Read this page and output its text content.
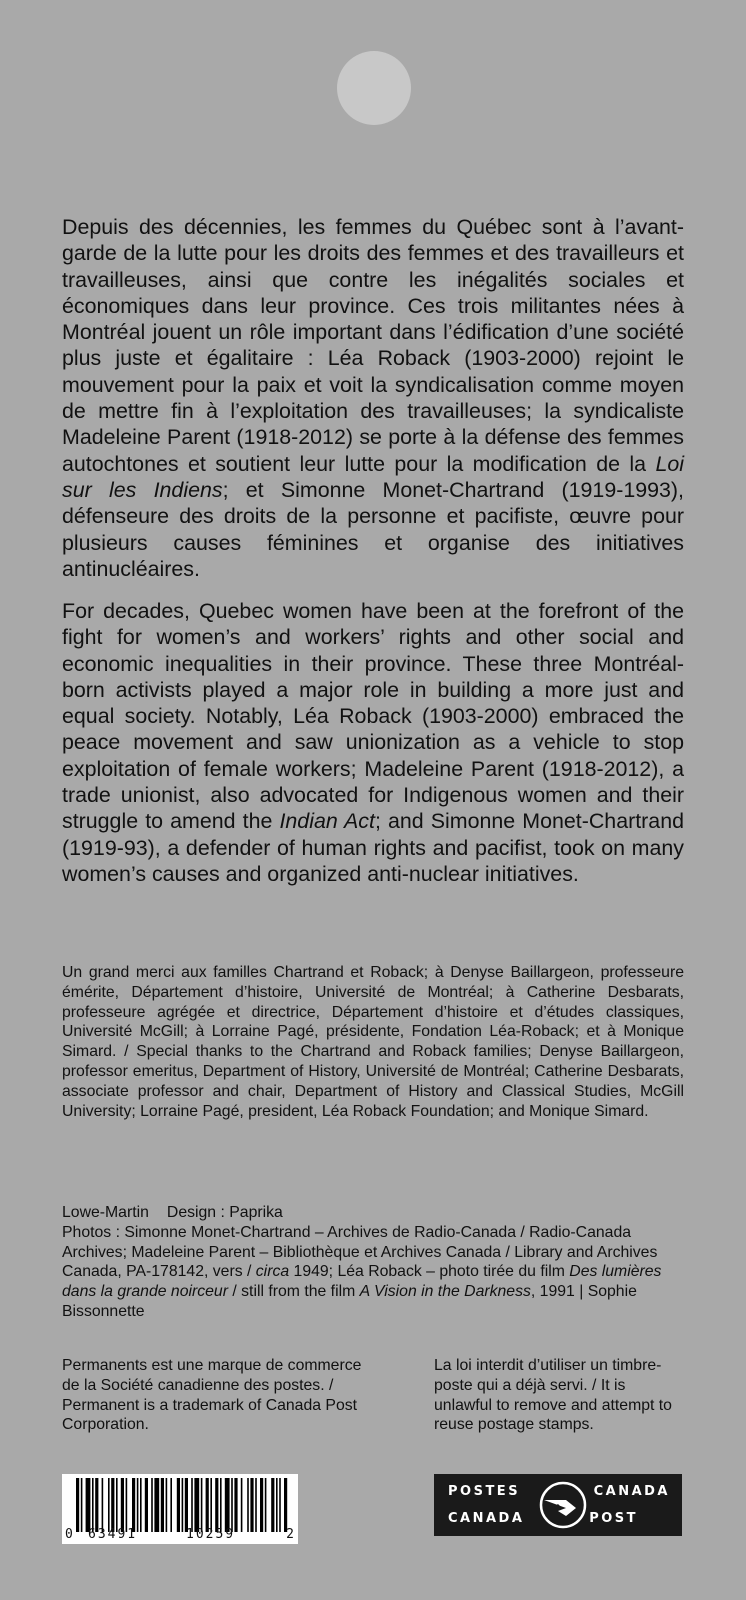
Depuis des décennies, les femmes du Québec sont à l’avant-garde de la lutte pour les droits des femmes et des travailleurs et travailleuses, ainsi que contre les inégalités sociales et économiques dans leur province. Ces trois militantes nées à Montréal jouent un rôle important dans l’édification d’une société plus juste et égalitaire : Léa Roback (1903-2000) rejoint le mouvement pour la paix et voit la syndicalisation comme moyen de mettre fin à l’exploitation des travailleuses; la syndicaliste Madeleine Parent (1918-2012) se porte à la défense des femmes autochtones et soutient leur lutte pour la modification de la Loi sur les Indiens; et Simonne Monet-Chartrand (1919-1993), défenseure des droits de la personne et pacifiste, œuvre pour plusieurs causes féminines et organise des initiatives antinucléaires.

For decades, Quebec women have been at the forefront of the fight for women’s and workers’ rights and other social and economic inequalities in their province. These three Montréal-born activists played a major role in building a more just and equal society. Notably, Léa Roback (1903-2000) embraced the peace movement and saw unionization as a vehicle to stop exploitation of female workers; Madeleine Parent (1918-2012), a trade unionist, also advocated for Indigenous women and their struggle to amend the Indian Act; and Simonne Monet-Chartrand (1919-93), a defender of human rights and pacifist, took on many women’s causes and organized anti-nuclear initiatives.

Un grand merci aux familles Chartrand et Roback; à Denyse Baillargeon, professeure émérite, Département d’histoire, Université de Montréal; à Catherine Desbarats, professeure agrégée et directrice, Département d’histoire et d’études classiques, Université McGill; à Lorraine Pagé, présidente, Fondation Léa-Roback; et à Monique Simard. / Special thanks to the Chartrand and Roback families; Denyse Baillargeon, professor emeritus, Department of History, Université de Montréal; Catherine Desbarats, associate professor and chair, Department of History and Classical Studies, McGill University; Lorraine Pagé, president, Léa Roback Foundation; and Monique Simard.

Lowe-Martin Design : Paprika
Photos : Simonne Monet-Chartrand – Archives de Radio-Canada / Radio-Canada Archives; Madeleine Parent – Bibliothèque et Archives Canada / Library and Archives Canada, PA-178142, vers / circa 1949; Léa Roback – photo tirée du film Des lumières dans la grande noirceur / still from the film A Vision in the Darkness, 1991 | Sophie Bissonnette

Permanents est une marque de commerce de la Société canadienne des postes. / Permanent is a trademark of Canada Post Corporation.

La loi interdit d’utiliser un timbre-poste qui a déjà servi. / It is unlawful to remove and attempt to reuse postage stamps.

0 63491	10259	2
POSTES
CANADA
CANADA
POST
